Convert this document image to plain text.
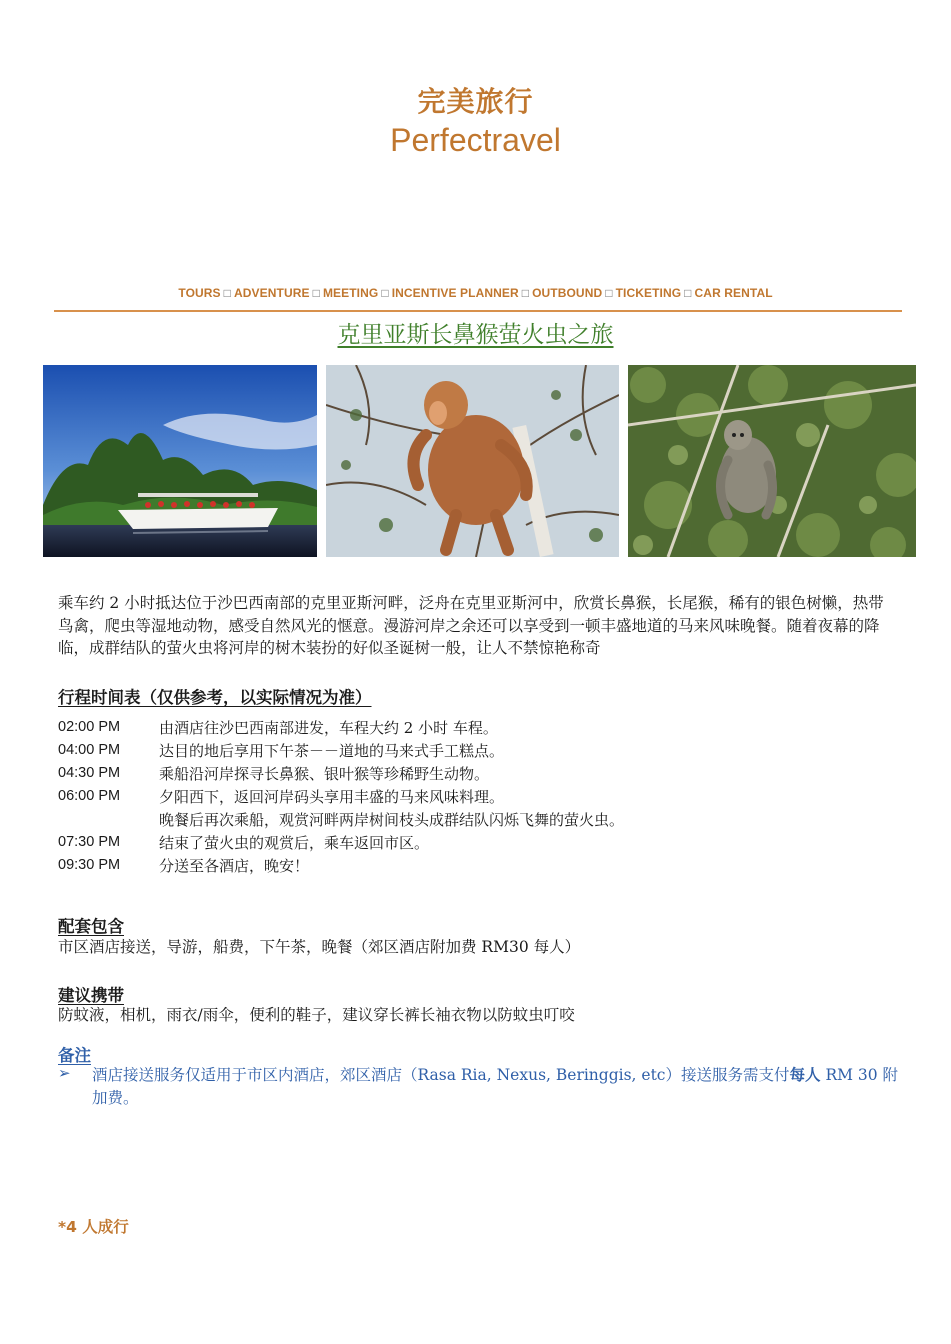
完美旅行
Perfectravel
TOURS □ ADVENTURE □ MEETING □ INCENTIVE PLANNER □ OUTBOUND □ TICKETING □ CAR RENTAL
克里亚斯长鼻猴萤火虫之旅
乘车约 2 小时抵达位于沙巴西南部的克里亚斯河畔，泛舟在克里亚斯河中，欣赏长鼻猴，长尾猴，稀有的银色树懒，热带鸟禽，爬虫等湿地动物，感受自然风光的惬意。漫游河岸之余还可以享受到一顿丰盛地道的马来风味晚餐。随着夜幕的降临，成群结队的萤火虫将河岸的树木装扮的好似圣诞树一般，让人不禁惊艳称奇
行程时间表（仅供参考，以实际情况为准）
02:00 PM	由酒店往沙巴西南部进发，车程大约 2 小时 车程。
04:00 PM	达目的地后享用下午茶－－道地的马来式手工糕点。
04:30 PM	乘船沿河岸探寻长鼻猴、银叶猴等珍稀野生动物。
06:00 PM	夕阳西下，返回河岸码头享用丰盛的马来风味料理。
晚餐后再次乘船，观赏河畔两岸树间枝头成群结队闪烁飞舞的萤火虫。
07:30 PM	结束了萤火虫的观赏后，乘车返回市区。
09:30 PM	分送至各酒店，晚安！
配套包含
市区酒店接送，导游，船费，下午茶，晚餐（郊区酒店附加费 RM30 每人）
建议携带
防蚊液，相机，雨衣/雨伞，便利的鞋子，建议穿长裤长袖衣物以防蚊虫叮咬
备注
➢ 酒店接送服务仅适用于市区内酒店，郊区酒店（Rasa Ria, Nexus, Beringgis, etc）接送服务需支付每人 RM 30 附加费。
*4 人成行
